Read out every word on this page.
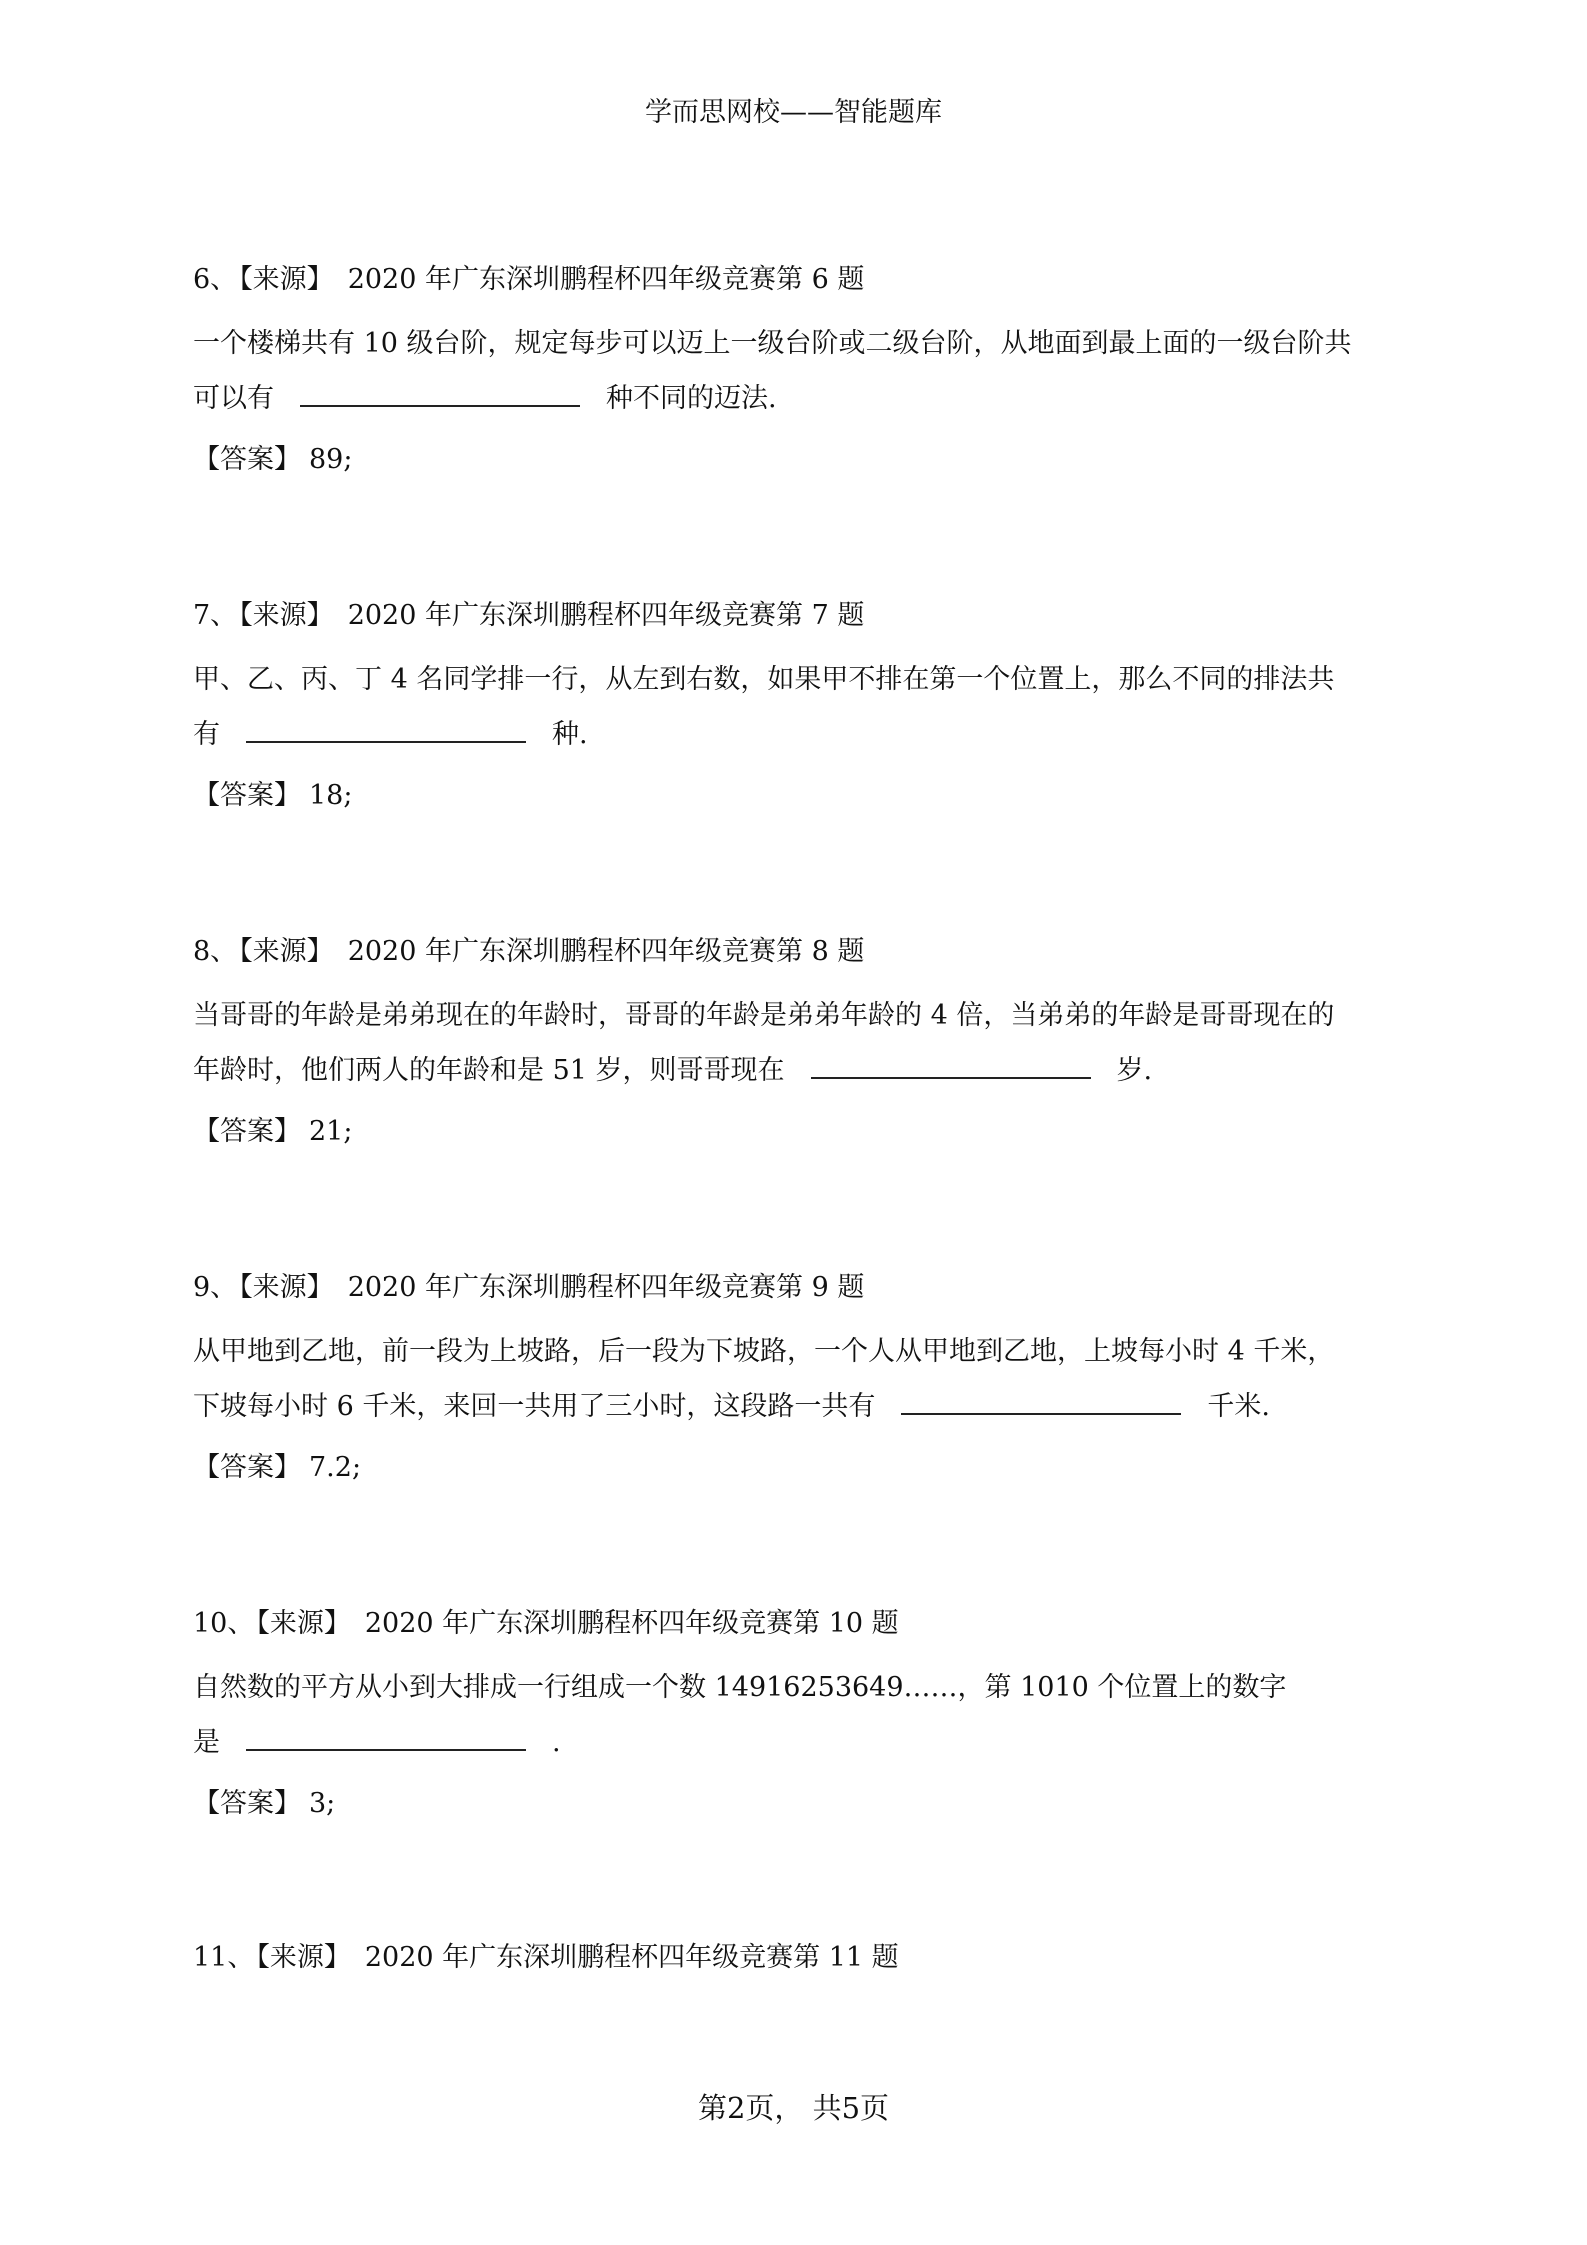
学而思网校——智能题库
6、【来源】 2020 年广东深圳鹏程杯四年级竞赛第 6 题
一个楼梯共有 10 级台阶，规定每步可以迈上一级台阶或二级台阶，从地面到最上面的一级台阶共
可以有	种不同的迈法.
【答案】 89;
7、【来源】 2020 年广东深圳鹏程杯四年级竞赛第 7 题
甲、乙、丙、丁 4 名同学排一行，从左到右数，如果甲不排在第一个位置上，那么不同的排法共
有	种.
【答案】 18;
8、【来源】 2020 年广东深圳鹏程杯四年级竞赛第 8 题
当哥哥的年龄是弟弟现在的年龄时，哥哥的年龄是弟弟年龄的 4 倍，当弟弟的年龄是哥哥现在的
年龄时，他们两人的年龄和是 51 岁，则哥哥现在	岁.
【答案】 21;
9、【来源】 2020 年广东深圳鹏程杯四年级竞赛第 9 题
从甲地到乙地，前一段为上坡路，后一段为下坡路，一个人从甲地到乙地，上坡每小时 4 千米，
下坡每小时 6 千米，来回一共用了三小时，这段路一共有	千米.
【答案】 7.2;
10、【来源】 2020 年广东深圳鹏程杯四年级竞赛第 10 题
自然数的平方从小到大排成一行组成一个数 14916253649……，第 1010 个位置上的数字
是	.
【答案】 3;
11、【来源】 2020 年广东深圳鹏程杯四年级竞赛第 11 题
第2页， 共5页
